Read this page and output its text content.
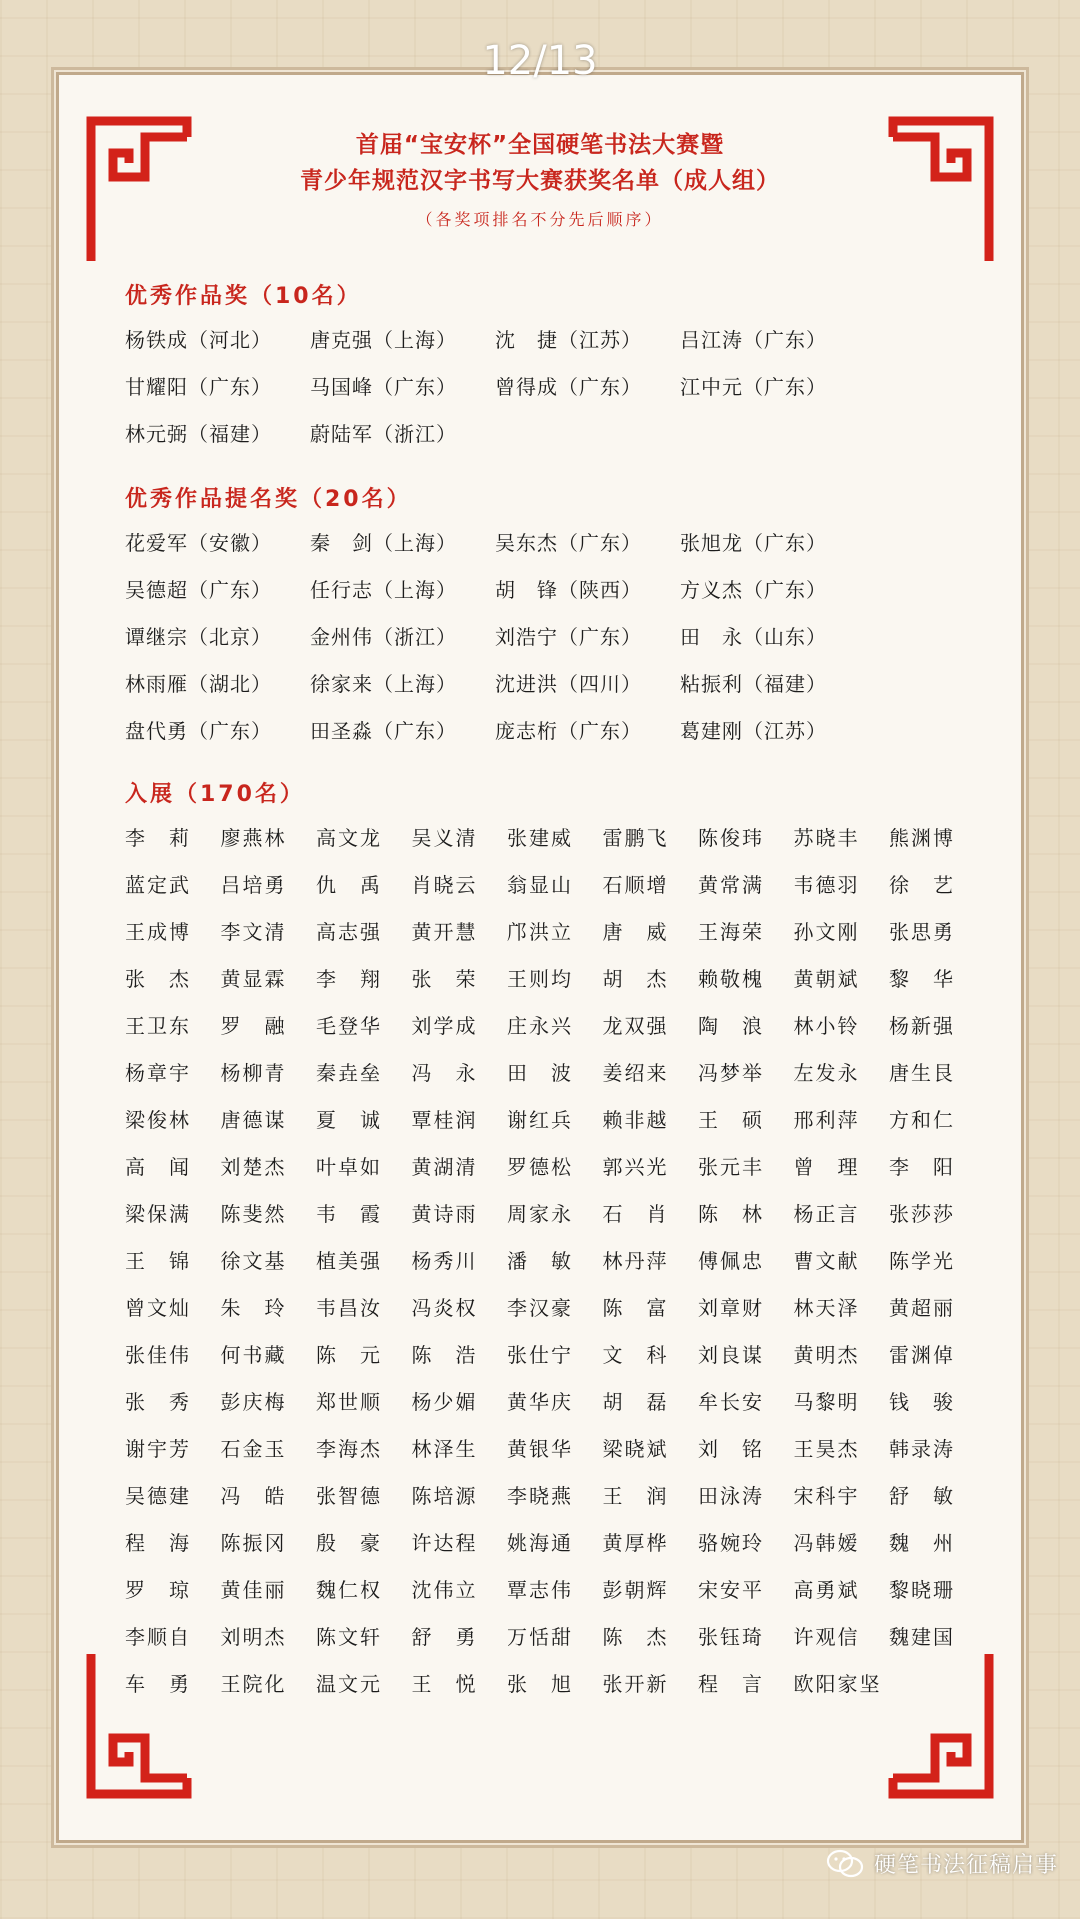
12/13
首届“宝安杯”全国硬笔书法大赛暨
青少年规范汉字书写大赛获奖名单（成人组）
（各奖项排名不分先后顺序）
优秀作品奖（10名）
杨铁成（河北）	唐克强（上海）	沈　捷（江苏）	吕江涛（广东）
甘耀阳（广东）	马国峰（广东）	曾得成（广东）	江中元（广东）
林元弼（福建）	蔚陆军（浙江）
优秀作品提名奖（20名）
花爱军（安徽）	秦　剑（上海）	吴东杰（广东）	张旭龙（广东）
吴德超（广东）	任行志（上海）	胡　锋（陕西）	方义杰（广东）
谭继宗（北京）	金州伟（浙江）	刘浩宁（广东）	田　永（山东）
林雨雁（湖北）	徐家来（上海）	沈进洪（四川）	粘振利（福建）
盘代勇（广东）	田圣淼（广东）	庞志桁（广东）	葛建刚（江苏）
入展（170名）
李　莉	廖燕林	高文龙	吴义清	张建威	雷鹏飞	陈俊玮	苏晓丰	熊渊博
蓝定武	吕培勇	仇　禹	肖晓云	翁显山	石顺增	黄常满	韦德羽	徐　艺
王成博	李文清	高志强	黄开慧	邝洪立	唐　威	王海荣	孙文刚	张思勇
张　杰	黄显霖	李　翔	张　荣	王则均	胡　杰	赖敬槐	黄朝斌	黎　华
王卫东	罗　融	毛登华	刘学成	庄永兴	龙双强	陶　浪	林小铃	杨新强
杨章宇	杨柳青	秦垚垒	冯　永	田　波	姜绍来	冯梦举	左发永	唐生艮
梁俊林	唐德谋	夏　诚	覃桂润	谢红兵	赖非越	王　硕	邢利萍	方和仁
高　闻	刘楚杰	叶卓如	黄湖清	罗德松	郭兴光	张元丰	曾　理	李　阳
梁保满	陈斐然	韦　霞	黄诗雨	周家永	石　肖	陈　林	杨正言	张莎莎
王　锦	徐文基	植美强	杨秀川	潘　敏	林丹萍	傅佩忠	曹文献	陈学光
曾文灿	朱　玲	韦昌汝	冯炎权	李汉豪	陈　富	刘章财	林天泽	黄超丽
张佳伟	何书藏	陈　元	陈　浩	张仕宁	文　科	刘良谋	黄明杰	雷渊倬
张　秀	彭庆梅	郑世顺	杨少媚	黄华庆	胡　磊	牟长安	马黎明	钱　骏
谢宇芳	石金玉	李海杰	林泽生	黄银华	梁晓斌	刘　铭	王昊杰	韩录涛
吴德建	冯　皓	张智德	陈培源	李晓燕	王　润	田泳涛	宋科宇	舒　敏
程　海	陈振冈	殷　豪	许达程	姚海通	黄厚桦	骆婉玲	冯韩嫒	魏　州
罗　琼	黄佳丽	魏仁权	沈伟立	覃志伟	彭朝辉	宋安平	高勇斌	黎晓珊
李顺自	刘明杰	陈文轩	舒　勇	万恬甜	陈　杰	张钰琦	许观信	魏建国
车　勇	王院化	温文元	王　悦	张　旭	张开新	程　言	欧阳家坚
硬笔书法征稿启事
